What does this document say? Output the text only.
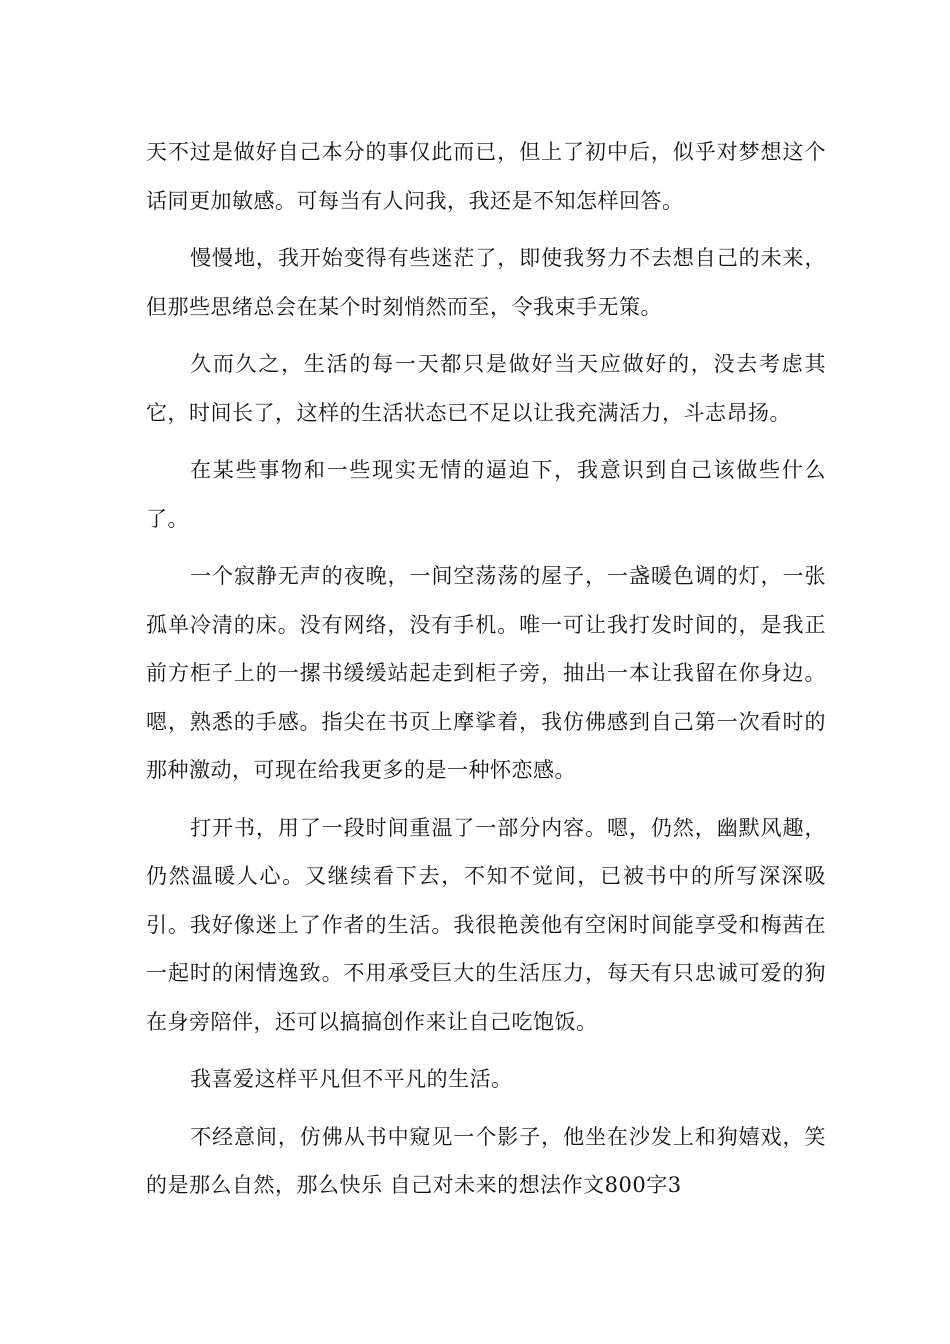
天不过是做好自己本分的事仅此而已，但上了初中后，似乎对梦想这个话同更加敏感。可每当有人问我，我还是不知怎样回答。

慢慢地，我开始变得有些迷茫了，即使我努力不去想自己的未来，但那些思绪总会在某个时刻悄然而至，令我束手无策。

久而久之，生活的每一天都只是做好当天应做好的，没去考虑其它，时间长了，这样的生活状态已不足以让我充满活力，斗志昂扬。

在某些事物和一些现实无情的逼迫下，我意识到自己该做些什么了。

一个寂静无声的夜晚，一间空荡荡的屋子，一盏暖色调的灯，一张孤单冷清的床。没有网络，没有手机。唯一可让我打发时间的，是我正前方柜子上的一摞书缓缓站起走到柜子旁，抽出一本让我留在你身边。嗯，熟悉的手感。指尖在书页上摩挲着，我仿佛感到自己第一次看时的那种激动，可现在给我更多的是一种怀恋感。

打开书，用了一段时间重温了一部分内容。嗯，仍然，幽默风趣，仍然温暖人心。又继续看下去，不知不觉间，已被书中的所写深深吸引。我好像迷上了作者的生活。我很艳羡他有空闲时间能享受和梅茜在一起时的闲情逸致。不用承受巨大的生活压力，每天有只忠诚可爱的狗在身旁陪伴，还可以搞搞创作来让自己吃饱饭。

我喜爱这样平凡但不平凡的生活。

不经意间，仿佛从书中窥见一个影子，他坐在沙发上和狗嬉戏，笑的是那么自然，那么快乐 自己对未来的想法作文800字3
